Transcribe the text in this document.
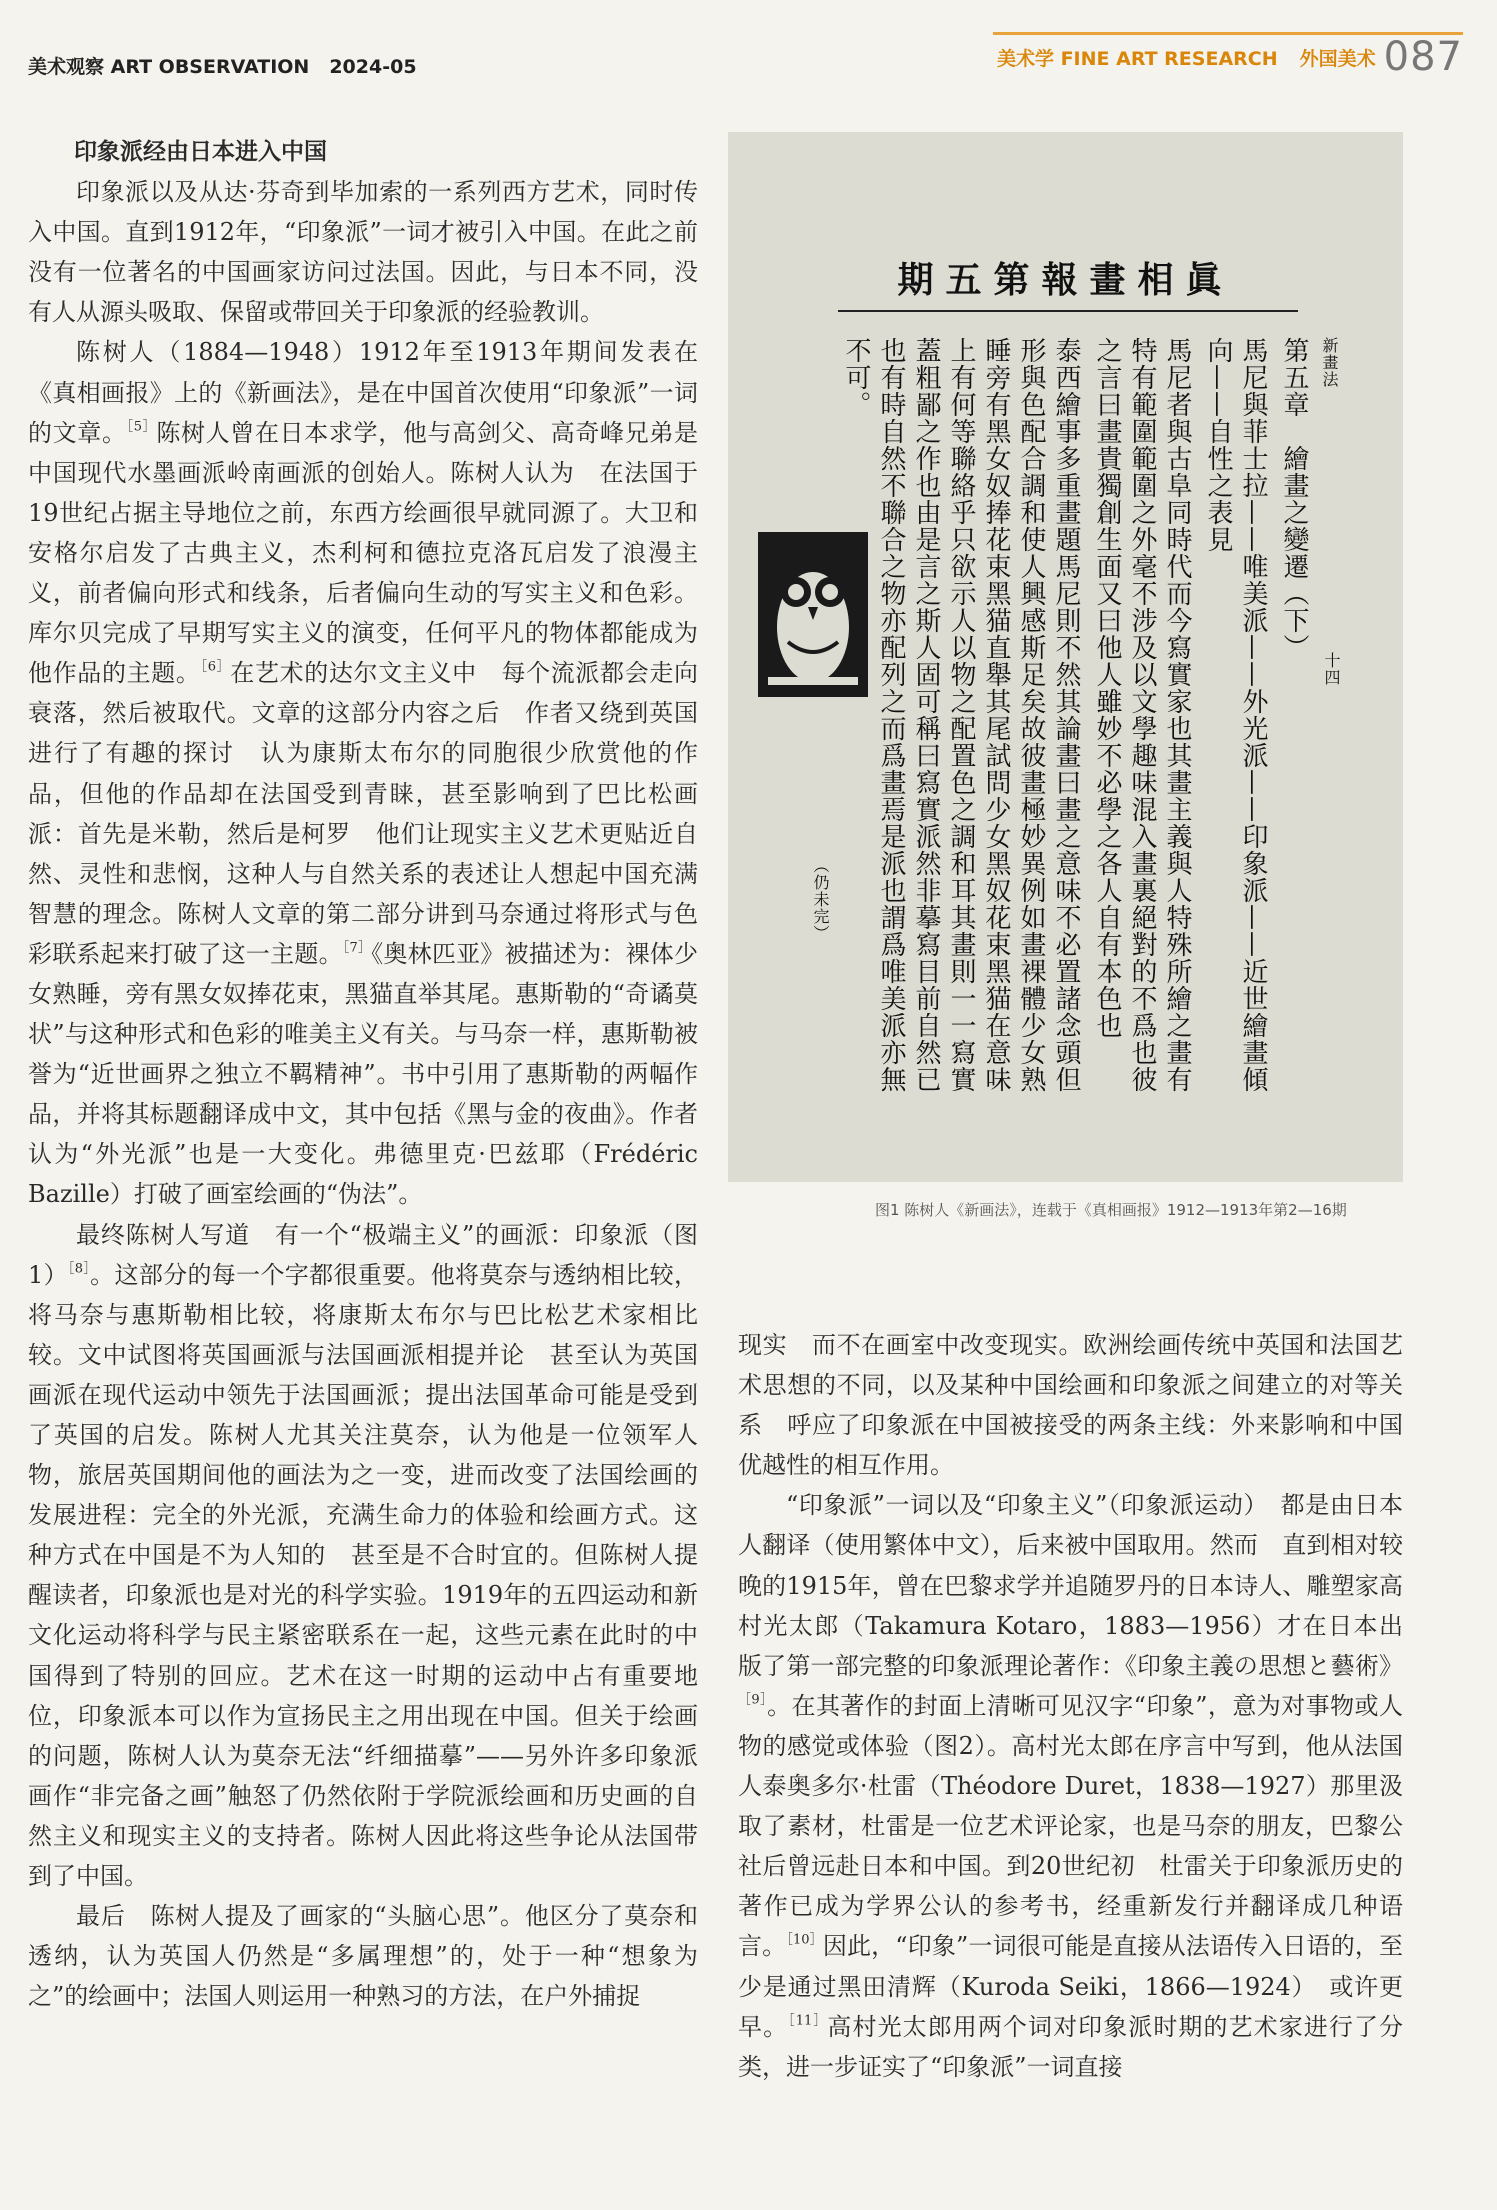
美术观察 ART OBSERVATION 2024-05	美术学 FINE ART RESEARCH 外国美术 087

印象派经由日本进入中国

印象派以及从达·芬奇到毕加索的一系列西方艺术，同时传入中国。直到1912年，“印象派”一词才被引入中国。在此之前　没有一位著名的中国画家访问过法国。因此，与日本不同，没有人从源头吸取、保留或带回关于印象派的经验教训。

陈树人（1884—1948）1912年至1913年期间发表在《真相画报》上的《新画法》，是在中国首次使用“印象派”一词的文章。$^{[5]}$陈树人曾在日本求学，他与高剑父、高奇峰兄弟是中国现代水墨画派岭南画派的创始人。陈树人认为　在法国于19世纪占据主导地位之前，东西方绘画很早就同源了。大卫和安格尔启发了古典主义，杰利柯和德拉克洛瓦启发了浪漫主义，前者偏向形式和线条，后者偏向生动的写实主义和色彩。库尔贝完成了早期写实主义的演变，任何平凡的物体都能成为他作品的主题。$^{[6]}$在艺术的达尔文主义中　每个流派都会走向衰落，然后被取代。文章的这部分内容之后　作者又绕到英国进行了有趣的探讨　认为康斯太布尔的同胞很少欣赏他的作品，但他的作品却在法国受到青睐，甚至影响到了巴比松画派：首先是米勒，然后是柯罗　他们让现实主义艺术更贴近自然、灵性和悲悯，这种人与自然关系的表述让人想起中国充满智慧的理念。陈树人文章的第二部分讲到马奈通过将形式与色彩联系起来打破了这一主题。$^{[7]}$《奥林匹亚》被描述为：裸体少女熟睡，旁有黑女奴捧花束，黑猫直举其尾。惠斯勒的“奇谲莫状”与这种形式和色彩的唯美主义有关。与马奈一样，惠斯勒被誉为“近世画界之独立不羁精神”。书中引用了惠斯勒的两幅作品，并将其标题翻译成中文，其中包括《黑与金的夜曲》。作者认为“外光派”也是一大变化。弗德里克·巴兹耶（Frédéric Bazille）打破了画室绘画的“伪法”。

最终陈树人写道　有一个“极端主义”的画派：印象派（图1）$^{[8]}$。这部分的每一个字都很重要。他将莫奈与透纳相比较，将马奈与惠斯勒相比较，将康斯太布尔与巴比松艺术家相比较。文中试图将英国画派与法国画派相提并论　甚至认为英国画派在现代运动中领先于法国画派；提出法国革命可能是受到了英国的启发。陈树人尤其关注莫奈，认为他是一位领军人物，旅居英国期间他的画法为之一变，进而改变了法国绘画的发展进程：完全的外光派，充满生命力的体验和绘画方式。这种方式在中国是不为人知的　甚至是不合时宜的。但陈树人提醒读者，印象派也是对光的科学实验。1919年的五四运动和新文化运动将科学与民主紧密联系在一起，这些元素在此时的中国得到了特别的回应。艺术在这一时期的运动中占有重要地位，印象派本可以作为宣扬民主之用出现在中国。但关于绘画的问题，陈树人认为莫奈无法“纤细描摹”——另外许多印象派画作“非完备之画”触怒了仍然依附于学院派绘画和历史画的自然主义和现实主义的支持者。陈树人因此将这些争论从法国带到了中国。

最后　陈树人提及了画家的“头脑心思”。他区分了莫奈和透纳，认为英国人仍然是“多属理想”的，处于一种“想象为之”的绘画中；法国人则运用一种熟习的方法，在户外捕捉

期五第報畫相眞
新畫法
第五章　繪畫之變遷（下）
馬尼與菲士拉——唯美派——外光派——印象派——近世繪畫傾向——自性之表見
馬尼者與古阜同時代而今寫實家也其畫主義與人特殊所繪之畫有特有範圍範圍之外毫不涉及以文學趣味混入畫裏絕對的不爲也彼之言曰畫貴獨創生面又曰他人雖妙不必學之各人自有本色也
泰西繪事多重畫題馬尼則不然其論畫曰畫之意味不必置諸念頭但形與色配合調和使人興感斯足矣故彼畫極妙異例如畫裸體少女熟睡旁有黑女奴捧花束黑猫直舉其尾試問少女黑奴花束黑猫在意味上有何等聯絡乎只欲示人以物之配置色之調和耳其畫則一一寫實蓋粗鄙之作也由是言之斯人固可稱曰寫實派然非摹寫目前自然已也有時自然不聯合之物亦配列之而爲畫焉是派也謂爲唯美派亦無不可。
（仍未完）
十四
图1 陈树人《新画法》，连载于《真相画报》1912—1913年第2—16期

现实　而不在画室中改变现实。欧洲绘画传统中英国和法国艺术思想的不同，以及某种中国绘画和印象派之间建立的对等关系　呼应了印象派在中国被接受的两条主线：外来影响和中国优越性的相互作用。

“印象派”一词以及“印象主义”（印象派运动）　都是由日本人翻译（使用繁体中文），后来被中国取用。然而　直到相对较晚的1915年，曾在巴黎求学并追随罗丹的日本诗人、雕塑家高村光太郎（Takamura Kotaro，1883—1956）才在日本出版了第一部完整的印象派理论著作：《印象主義の思想と藝術》$^{[9]}$。在其著作的封面上清晰可见汉字“印象”，意为对事物或人物的感觉或体验（图2）。高村光太郎在序言中写到，他从法国人泰奥多尔·杜雷（Théodore Duret，1838—1927）那里汲取了素材，杜雷是一位艺术评论家，也是马奈的朋友，巴黎公社后曾远赴日本和中国。到20世纪初　杜雷关于印象派历史的著作已成为学界公认的参考书，经重新发行并翻译成几种语言。$^{[10]}$因此，“印象”一词很可能是直接从法语传入日语的，至少是通过黑田清辉（Kuroda Seiki，1866—1924）　或许更早。$^{[11]}$高村光太郎用两个词对印象派时期的艺术家进行了分类，进一步证实了“印象派”一词直接
